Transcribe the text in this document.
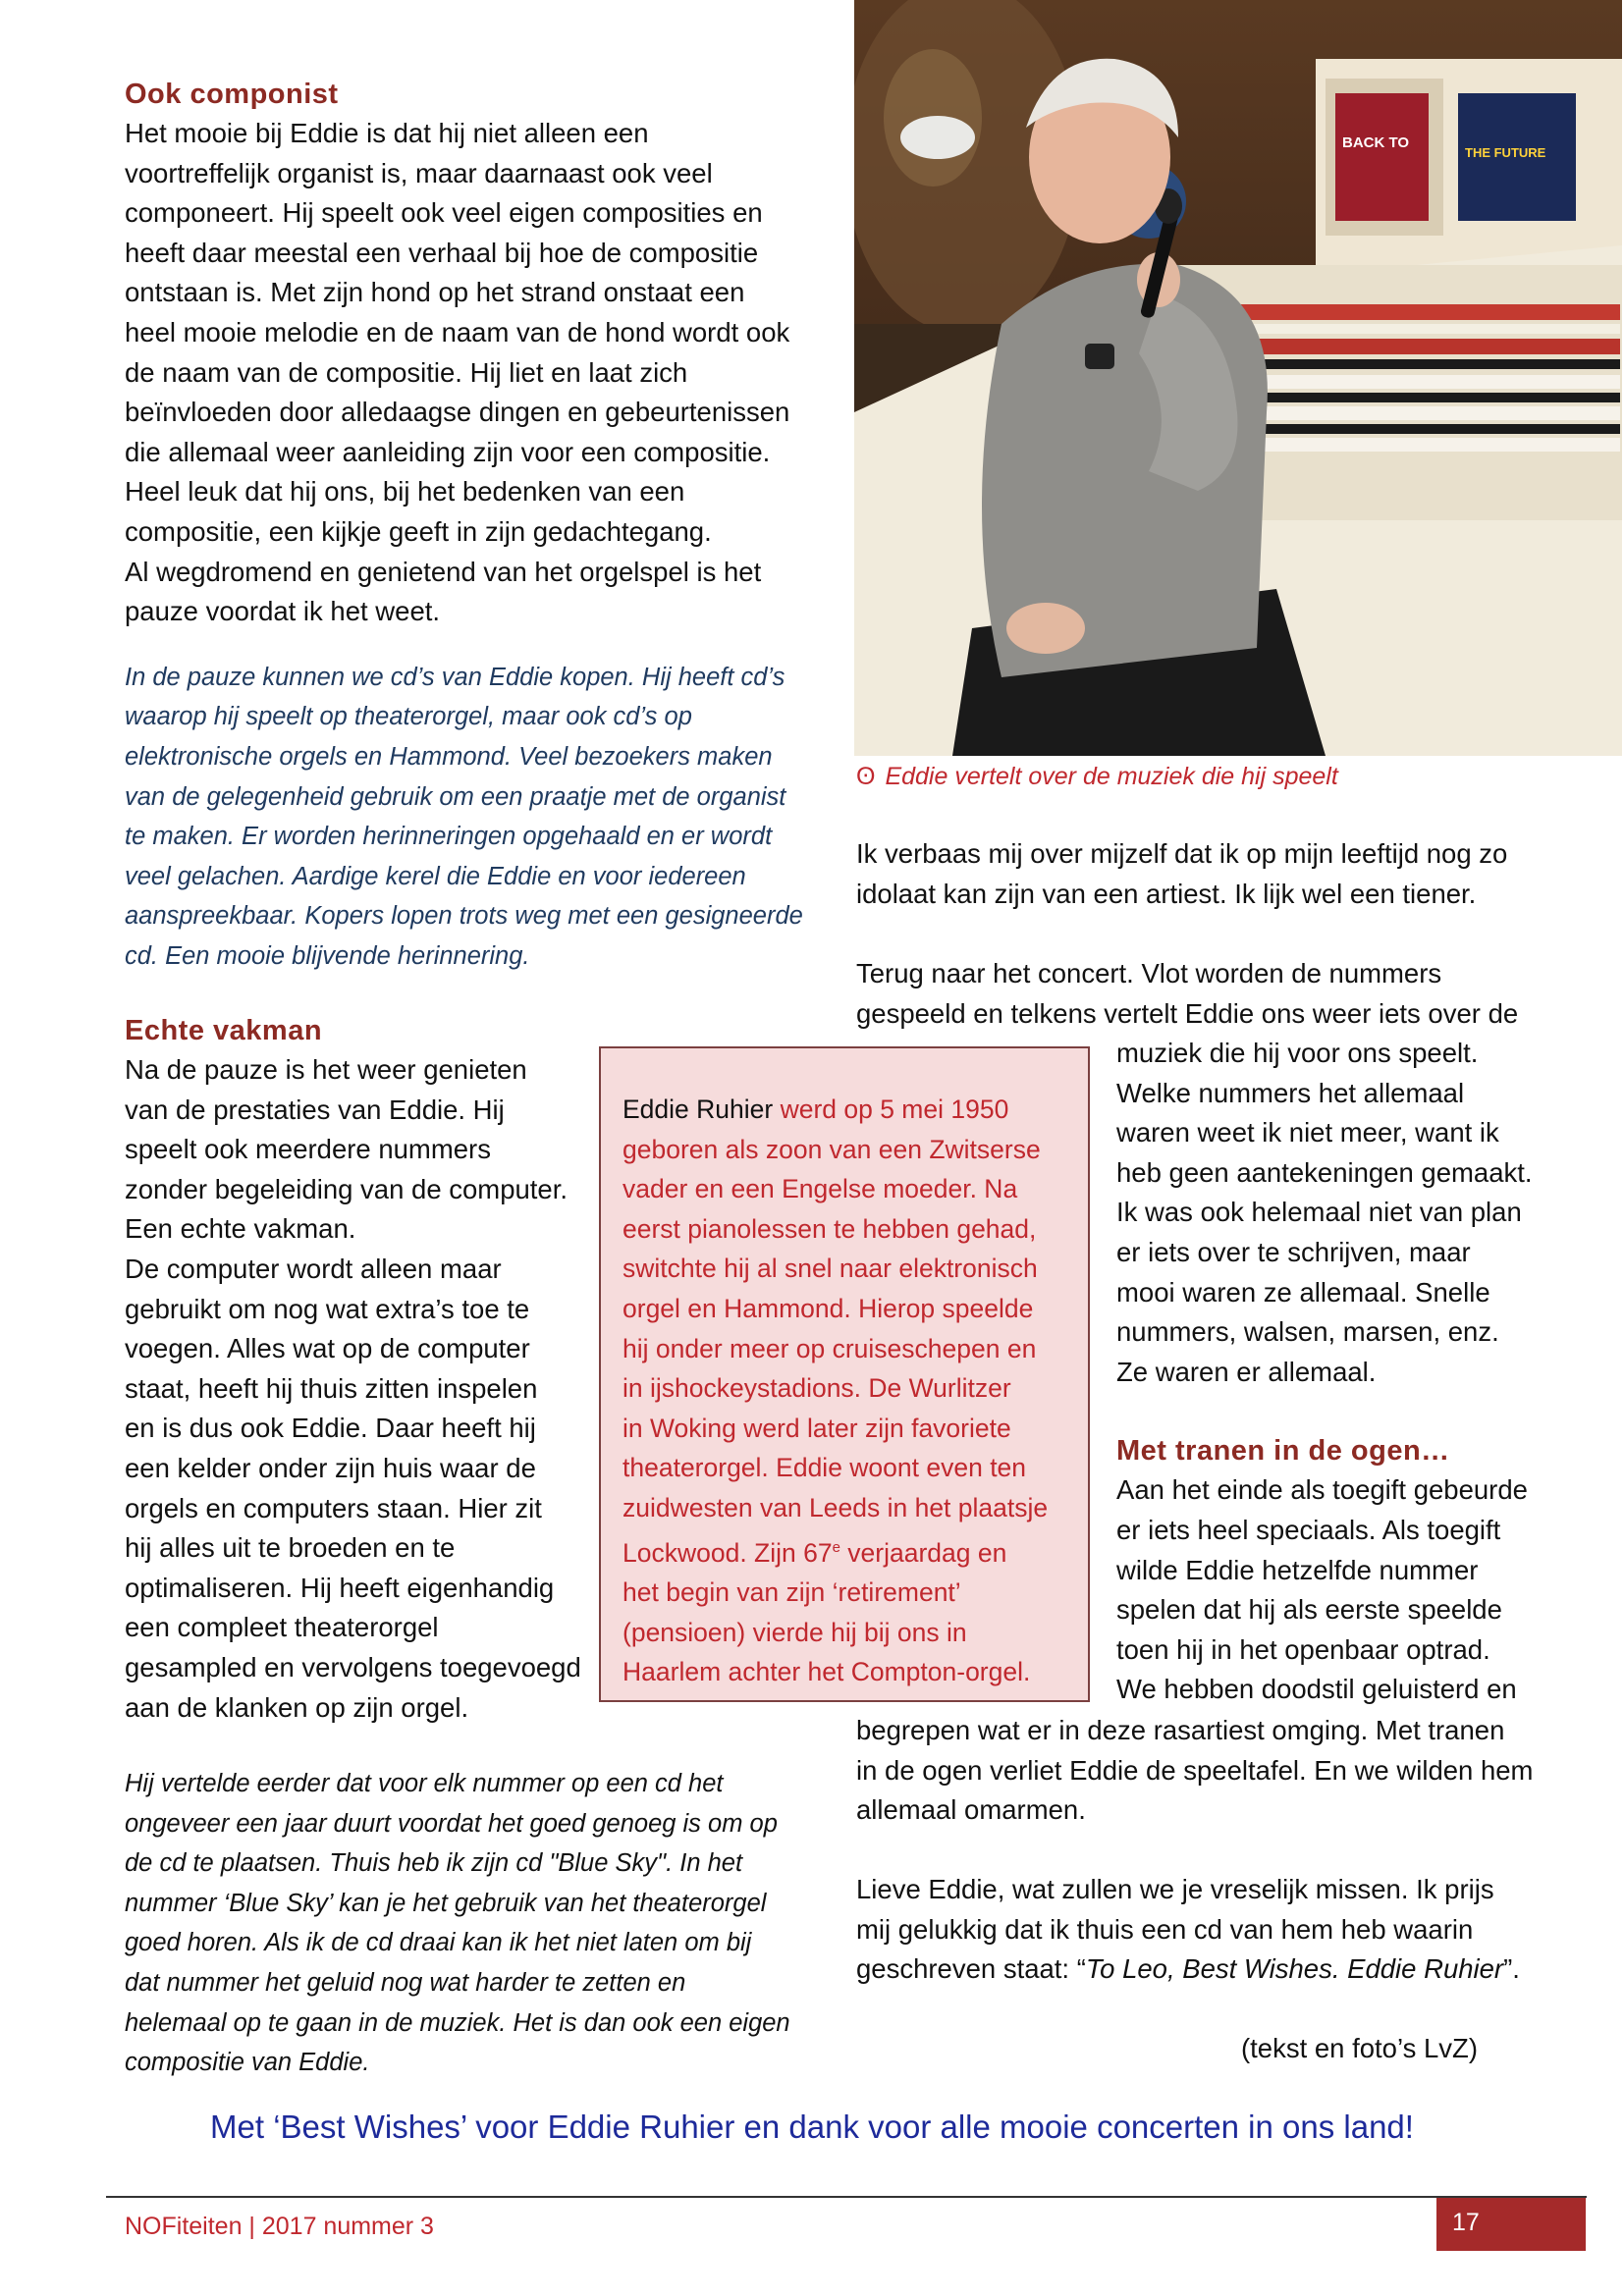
Ook componist

Het mooie bij Eddie is dat hij niet alleen een

voortreffelijk organist is, maar daarnaast ook veel

componeert. Hij speelt ook veel eigen composities en

heeft daar meestal een verhaal bij hoe de compositie

ontstaan is. Met zijn hond op het strand onstaat een

heel mooie melodie en de naam van de hond wordt ook

de naam van de compositie. Hij liet en laat zich

beïnvloeden door alledaagse dingen en gebeurtenissen

die allemaal weer aanleiding zijn voor een compositie.

Heel leuk dat hij ons, bij het bedenken van een

compositie, een kijkje geeft in zijn gedachtegang.

Al wegdromend en genietend van het orgelspel is het

pauze voordat ik het weet.

In de pauze kunnen we cd’s van Eddie kopen. Hij heeft cd’s

waarop hij speelt op theaterorgel, maar ook cd’s op

elektronische orgels en Hammond. Veel bezoekers maken

van de gelegenheid gebruik om een praatje met de organist

te maken. Er worden herinneringen opgehaald en er wordt

veel gelachen. Aardige kerel die Eddie en voor iedereen

aanspreekbaar. Kopers lopen trots weg met een gesigneerde

cd. Een mooie blijvende herinnering.

Echte vakman

Na de pauze is het weer genieten

van de prestaties van Eddie. Hij

speelt ook meerdere nummers

zonder begeleiding van de computer.

Een echte vakman.

De computer wordt alleen maar

gebruikt om nog wat extra’s toe te

voegen. Alles wat op de computer

staat, heeft hij thuis zitten inspelen

en is dus ook Eddie. Daar heeft hij

een kelder onder zijn huis waar de

orgels en computers staan. Hier zit

hij alles uit te broeden en te

optimaliseren. Hij heeft eigenhandig

een compleet theaterorgel

gesampled en vervolgens toegevoegd

aan de klanken op zijn orgel.

Hij vertelde eerder dat voor elk nummer op een cd het

ongeveer een jaar duurt voordat het goed genoeg is om op

de cd te plaatsen. Thuis heb ik zijn cd "Blue Sky". In het

nummer ‘Blue Sky’ kan je het gebruik van het theaterorgel

goed horen. Als ik de cd draai kan ik het niet laten om bij

dat nummer het geluid nog wat harder te zetten en

helemaal op te gaan in de muziek. Het is dan ook een eigen

compositie van Eddie.

Eddie Ruhier werd op 5 mei 1950
geboren als zoon van een Zwitserse
vader en een Engelse moeder. Na
eerst pianolessen te hebben gehad,
switchte hij al snel naar elektronisch
orgel en Hammond. Hierop speelde
hij onder meer op cruiseschepen en
in ijshockeystadions. De Wurlitzer
in Woking werd later zijn favoriete
theaterorgel. Eddie woont even ten
zuidwesten van Leeds in het plaatsje
Lockwood. Zijn 67e verjaardag en
het begin van zijn ‘retirement’
(pensioen) vierde hij bij ons in
Haarlem achter het Compton-orgel.
BACK TO
THE FUTURE
ʘ Eddie vertelt over de muziek die hij speelt

Ik verbaas mij over mijzelf dat ik op mijn leeftijd nog zo

idolaat kan zijn van een artiest. Ik lijk wel een tiener.

Terug naar het concert. Vlot worden de nummers

gespeeld en telkens vertelt Eddie ons weer iets over de

muziek die hij voor ons speelt.

Welke nummers het allemaal

waren weet ik niet meer, want ik

heb geen aantekeningen gemaakt.

Ik was ook helemaal niet van plan

er iets over te schrijven, maar

mooi waren ze allemaal. Snelle

nummers, walsen, marsen, enz.

Ze waren er allemaal.

Met tranen in de ogen…

Aan het einde als toegift gebeurde

er iets heel speciaals. Als toegift

wilde Eddie hetzelfde nummer

spelen dat hij als eerste speelde

toen hij in het openbaar optrad.

We hebben doodstil geluisterd en

begrepen wat er in deze rasartiest omging. Met tranen

in de ogen verliet Eddie de speeltafel. En we wilden hem

allemaal omarmen.

Lieve Eddie, wat zullen we je vreselijk missen. Ik prijs

mij gelukkig dat ik thuis een cd van hem heb waarin

geschreven staat: “To Leo, Best Wishes. Eddie Ruhier”.

(tekst en foto’s LvZ)
Met ‘Best Wishes’ voor Eddie Ruhier en dank voor alle mooie concerten in ons land!
NOFiteiten | 2017 nummer 3	17
